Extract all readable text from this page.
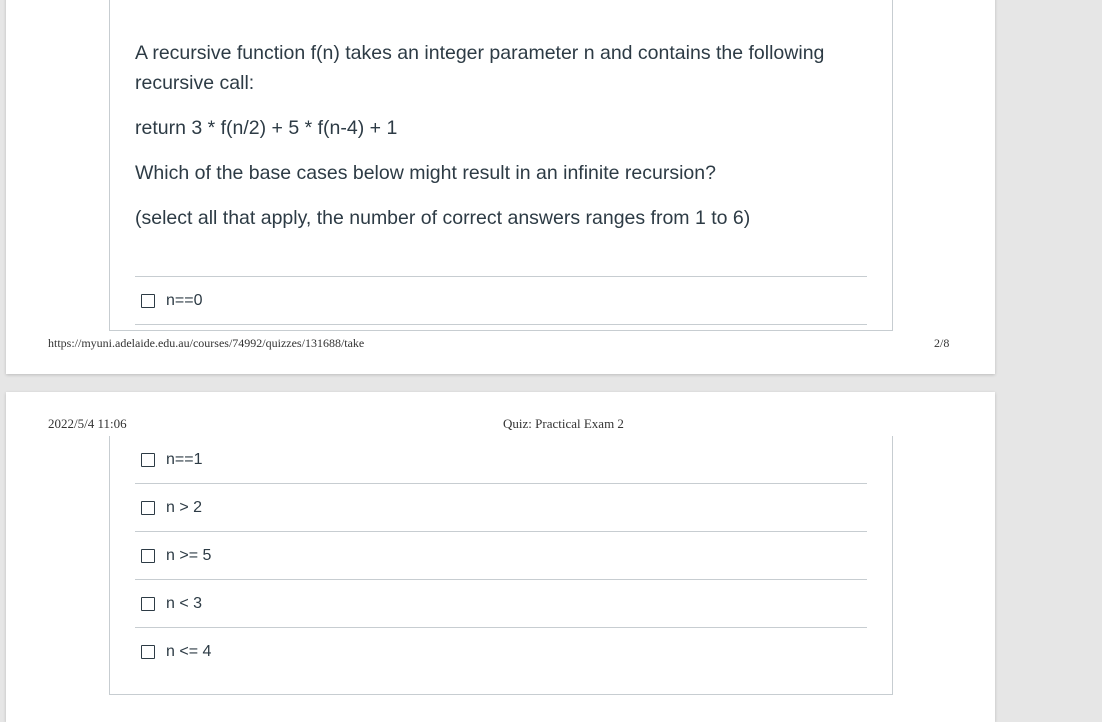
A recursive function f(n) takes an integer parameter n and contains the following recursive call:

return 3 * f(n/2) + 5 * f(n-4) + 1

Which of the base cases below might result in an infinite recursion?

(select all that apply, the number of correct answers ranges from 1 to 6)

n==0
https://myuni.adelaide.edu.au/courses/74992/quizzes/131688/take	2/8
2022/5/4 11:06	Quiz: Practical Exam 2
n==1
n > 2
n >= 5
n < 3
n <= 4
